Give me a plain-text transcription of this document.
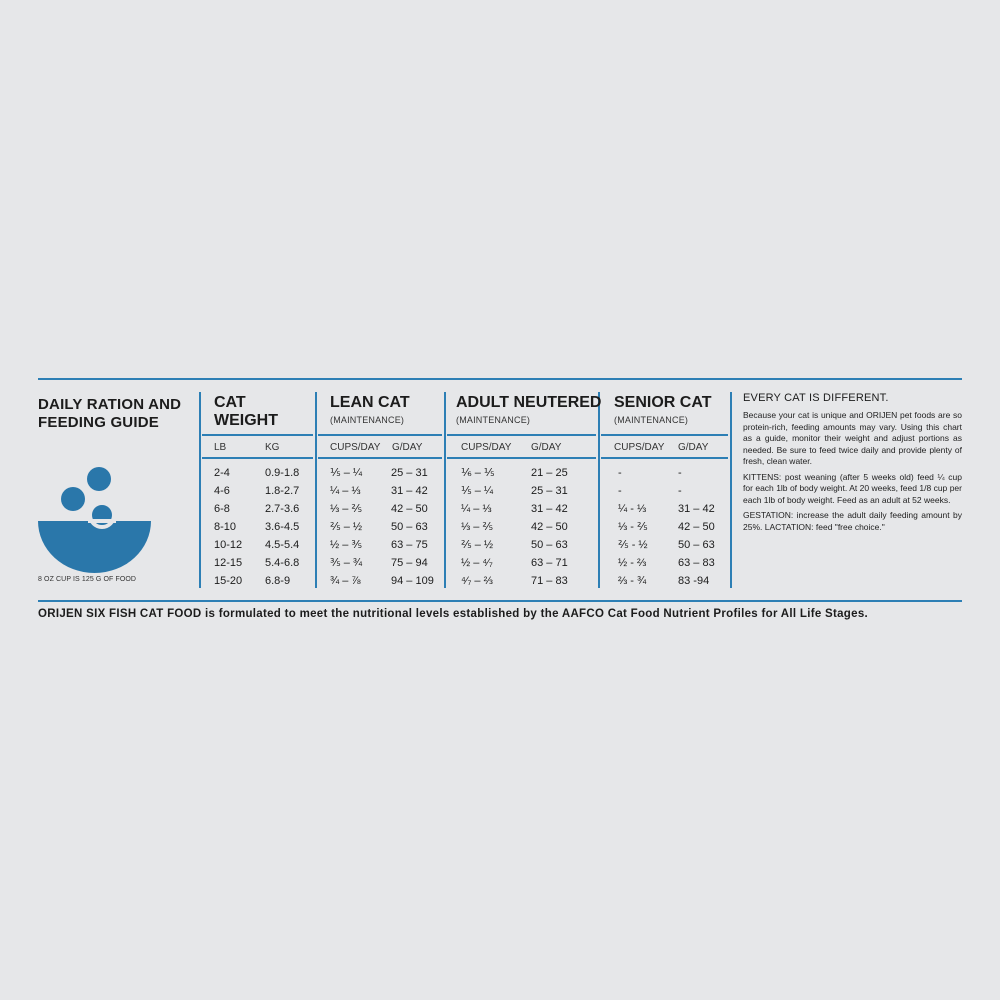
DAILY RATION AND
FEEDING GUIDE
8 OZ CUP IS 125 G OF FOOD
CAT
WEIGHT
LB	KG
2-4
4-6
6-8
8-10
10-12
12-15
15-20
0.9-1.8
1.8-2.7
2.7-3.6
3.6-4.5
4.5-5.4
5.4-6.8
6.8-9
LEAN CAT
(MAINTENANCE)
CUPS/DAY G/DAY
⅕ – ¼
¼ – ⅓
⅓ – ⅖
⅖ – ½
½ – ⅗
⅗ – ¾
¾ – ⅞
25 – 31
31 – 42
42 – 50
50 – 63
63 – 75
75 – 94
94 – 109
ADULT NEUTERED
(MAINTENANCE)
CUPS/DAY G/DAY
⅙ – ⅕
⅕ – ¼
¼ – ⅓
⅓ – ⅖
⅖ – ½
½ – ⁴⁄₇
⁴⁄₇ – ⅔
21 – 25
25 – 31
31 – 42
42 – 50
50 – 63
63 – 71
71 – 83
SENIOR CAT
(MAINTENANCE)
CUPS/DAY G/DAY
-
-
¼ - ⅓
⅓ - ⅖
⅖ - ½
½ - ⅔
⅔ - ¾
-
-
31 – 42
42 – 50
50 – 63
63 – 83
83 -94
EVERY CAT IS DIFFERENT.

Because your cat is unique and ORIJEN pet foods are so protein-rich, feeding amounts may vary. Using this chart as a guide, monitor their weight and adjust portions as needed. Be sure to feed twice daily and provide plenty of fresh, clean water.

KITTENS: post weaning (after 5 weeks old) feed ¼ cup for each 1lb of body weight. At 20 weeks, feed 1/8 cup per each 1lb of body weight. Feed as an adult at 52 weeks.

GESTATION: increase the adult daily feeding amount by 25%. LACTATION: feed "free choice."

ORIJEN SIX FISH CAT FOOD is formulated to meet the nutritional levels established by the AAFCO Cat Food Nutrient Profiles for All Life Stages.
